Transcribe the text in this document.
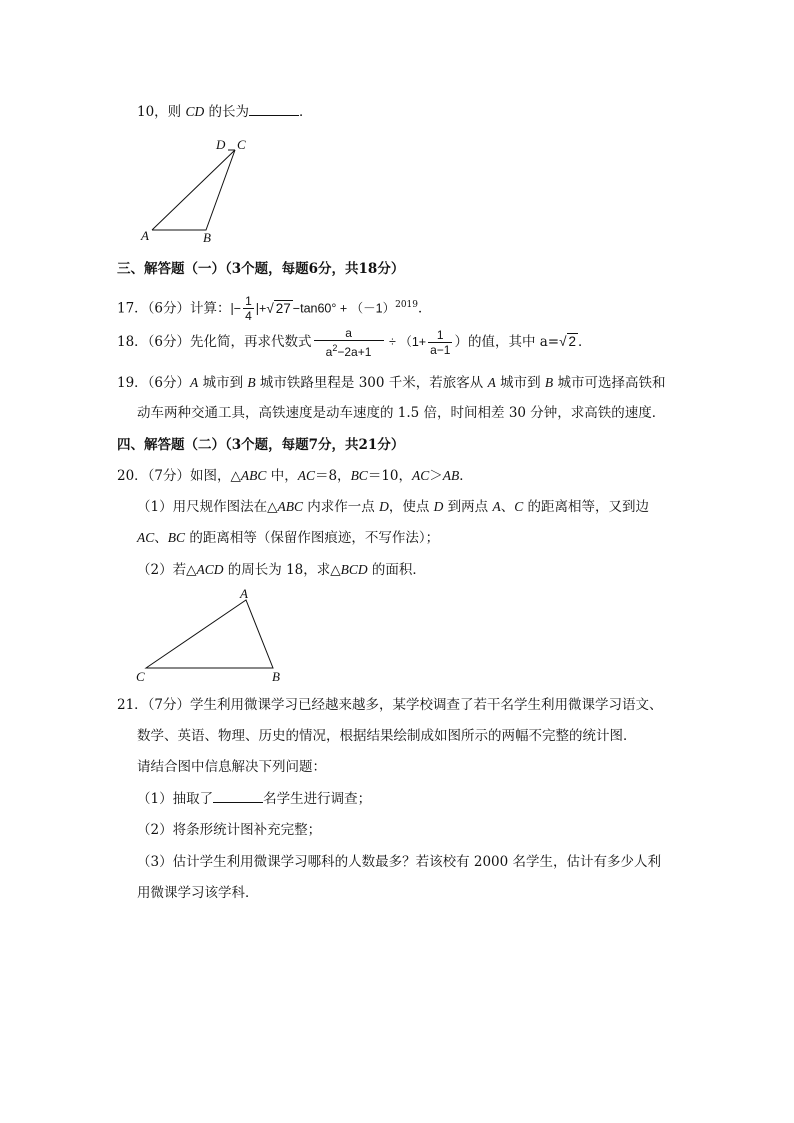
10，则 CD 的长为	．
D C
A	B
三、解答题（一）（3个题，每题6分，共18分）
17．（6分）计算：|− $\frac{1}{4}$ |+√ $27 -\tan 60^\circ + (-1)^{2019}$．
18．（6分）先化简，再求代数式 $\frac{a}{a^2-2a+1} \div (1+ \frac{1}{a-1}$ ）的值，其中 a=√ 2 ．
19．（6分）A 城市到 B 城市铁路里程是 300 千米，若旅客从 A 城市到 B 城市可选择高铁和
动车两种交通工具，高铁速度是动车速度的 1.5 倍，时间相差 30 分钟，求高铁的速度．
四、解答题（二）（3个题，每题7分，共21分）
20．（7分）如图，△ABC 中，AC＝8，BC＝10，AC＞AB．
（1）用尺规作图法在△ABC 内求作一点 D，使点 D 到两点 A、C 的距离相等，又到边
AC、BC 的距离相等（保留作图痕迹，不写作法）；
（2）若△ACD 的周长为 18，求△BCD 的面积．
A
B
C
21．（7分）学生利用微课学习已经越来越多，某学校调查了若干名学生利用微课学习语文、
数学、英语、物理、历史的情况，根据结果绘制成如图所示的两幅不完整的统计图．
请结合图中信息解决下列问题：
（1）抽取了	名学生进行调查；
（2）将条形统计图补充完整；
（3）估计学生利用微课学习哪科的人数最多？若该校有 2000 名学生，估计有多少人利
用微课学习该学科．
